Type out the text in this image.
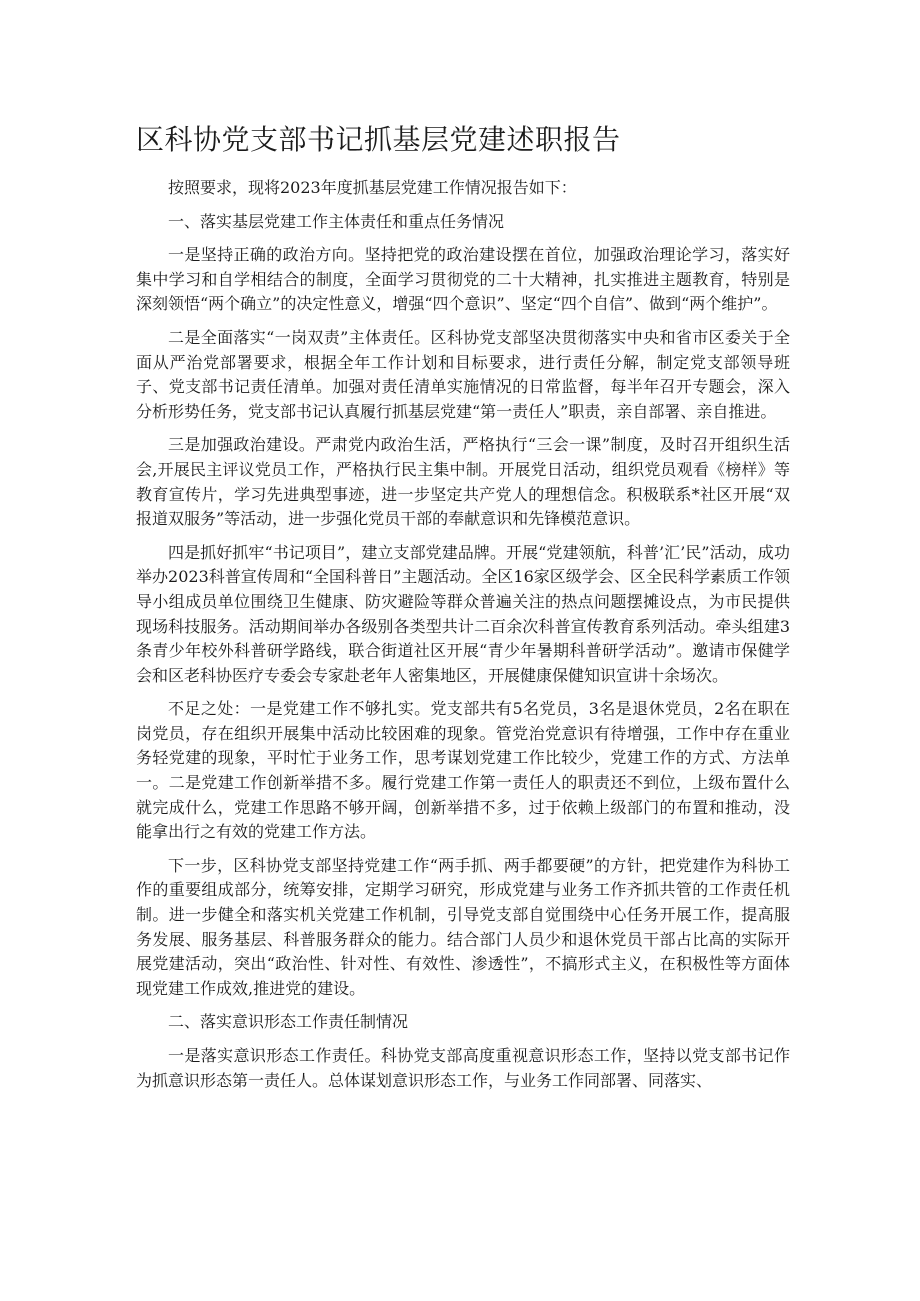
区科协党支部书记抓基层党建述职报告

按照要求，现将2023年度抓基层党建工作情况报告如下：

一、落实基层党建工作主体责任和重点任务情况

一是坚持正确的政治方向。坚持把党的政治建设摆在首位，加强政治理论学习，落实好集中学习和自学相结合的制度，全面学习贯彻党的二十大精神，扎实推进主题教育，特别是深刻领悟“两个确立”的决定性意义，增强“四个意识”、坚定“四个自信”、做到“两个维护”。

二是全面落实“一岗双责”主体责任。区科协党支部坚决贯彻落实中央和省市区委关于全面从严治党部署要求，根据全年工作计划和目标要求，进行责任分解，制定党支部领导班子、党支部书记责任清单。加强对责任清单实施情况的日常监督，每半年召开专题会，深入分析形势任务，党支部书记认真履行抓基层党建“第一责任人”职责，亲自部署、亲自推进。

三是加强政治建设。严肃党内政治生活，严格执行“三会一课”制度，及时召开组织生活会,开展民主评议党员工作，严格执行民主集中制。开展党日活动，组织党员观看《榜样》等教育宣传片，学习先进典型事迹，进一步坚定共产党人的理想信念。积极联系*社区开展“双报道双服务”等活动，进一步强化党员干部的奉献意识和先锋模范意识。

四是抓好抓牢“书记项目”，建立支部党建品牌。开展“党建领航，科普’汇’民”活动，成功举办2023科普宣传周和“全国科普日”主题活动。全区16家区级学会、区全民科学素质工作领导小组成员单位围绕卫生健康、防灾避险等群众普遍关注的热点问题摆摊设点，为市民提供现场科技服务。活动期间举办各级别各类型共计二百余次科普宣传教育系列活动。牵头组建3条青少年校外科普研学路线，联合街道社区开展“青少年暑期科普研学活动”。邀请市保健学会和区老科协医疗专委会专家赴老年人密集地区，开展健康保健知识宣讲十余场次。

不足之处：一是党建工作不够扎实。党支部共有5名党员，3名是退休党员，2名在职在岗党员，存在组织开展集中活动比较困难的现象。管党治党意识有待增强，工作中存在重业务轻党建的现象，平时忙于业务工作，思考谋划党建工作比较少，党建工作的方式、方法单一。二是党建工作创新举措不多。履行党建工作第一责任人的职责还不到位，上级布置什么就完成什么，党建工作思路不够开阔，创新举措不多，过于依赖上级部门的布置和推动，没能拿出行之有效的党建工作方法。

下一步，区科协党支部坚持党建工作“两手抓、两手都要硬”的方针，把党建作为科协工作的重要组成部分，统筹安排，定期学习研究，形成党建与业务工作齐抓共管的工作责任机制。进一步健全和落实机关党建工作机制，引导党支部自觉围绕中心任务开展工作，提高服务发展、服务基层、科普服务群众的能力。结合部门人员少和退休党员干部占比高的实际开展党建活动，突出“政治性、针对性、有效性、渗透性”，不搞形式主义，在积极性等方面体现党建工作成效,推进党的建设。

二、落实意识形态工作责任制情况

一是落实意识形态工作责任。科协党支部高度重视意识形态工作，坚持以党支部书记作为抓意识形态第一责任人。总体谋划意识形态工作，与业务工作同部署、同落实、
